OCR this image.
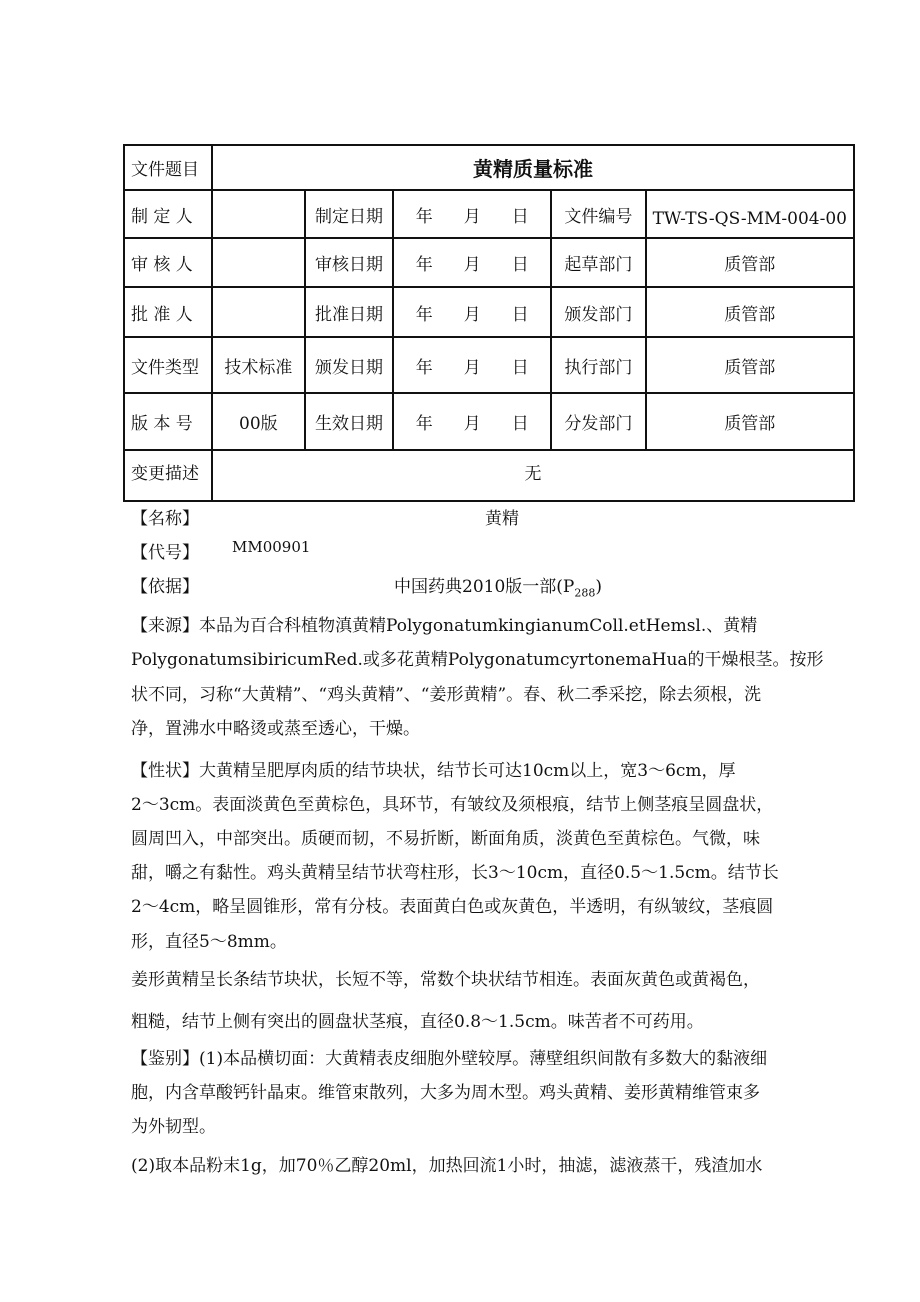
文件题目	黄精质量标准				
制 定 人		制定日期	年 月 日	文件编号	TW-TS-QS-MM-004-00
审 核 人		审核日期	年 月 日	起草部门	质管部
批 准 人		批准日期	年 月 日	颁发部门	质管部
文件类型	技术标准	颁发日期	年 月 日	执行部门	质管部
版 本 号	00版	生效日期	年 月 日	分发部门	质管部
变更描述	无				
【名称】	黄精
【代号】 MM00901
【依据】	中国药典2010版一部$(P_{288})$
【来源】本品为百合科植物滇黄精PolygonatumkingianumColl.etHemsl.、黄精
PolygonatumsibiricumRed.或多花黄精PolygonatumcyrtonemaHua的干燥根茎。按形
状不同，习称“大黄精”、“鸡头黄精”、“姜形黄精”。春、秋二季采挖，除去须根，洗
净，置沸水中略烫或蒸至透心，干燥。
【性状】大黄精呈肥厚肉质的结节块状，结节长可达10cm以上，宽3～6cm，厚
2～3cm。表面淡黄色至黄棕色，具环节，有皱纹及须根痕，结节上侧茎痕呈圆盘状，
圆周凹入，中部突出。质硬而韧，不易折断，断面角质，淡黄色至黄棕色。气微，味
甜，嚼之有黏性。鸡头黄精呈结节状弯柱形，长3～10cm，直径0.5～1.5cm。结节长
2～4cm，略呈圆锥形，常有分枝。表面黄白色或灰黄色，半透明，有纵皱纹，茎痕圆
形，直径5～8mm。
姜形黄精呈长条结节块状，长短不等，常数个块状结节相连。表面灰黄色或黄褐色，
粗糙，结节上侧有突出的圆盘状茎痕，直径0.8～1.5cm。味苦者不可药用。
【鉴别】(1)本品横切面：大黄精表皮细胞外壁较厚。薄壁组织间散有多数大的黏液细
胞，内含草酸钙针晶束。维管束散列，大多为周木型。鸡头黄精、姜形黄精维管束多
为外韧型。
(2)取本品粉末1g，加70％乙醇20ml，加热回流1小时，抽滤，滤液蒸干，残渣加水
